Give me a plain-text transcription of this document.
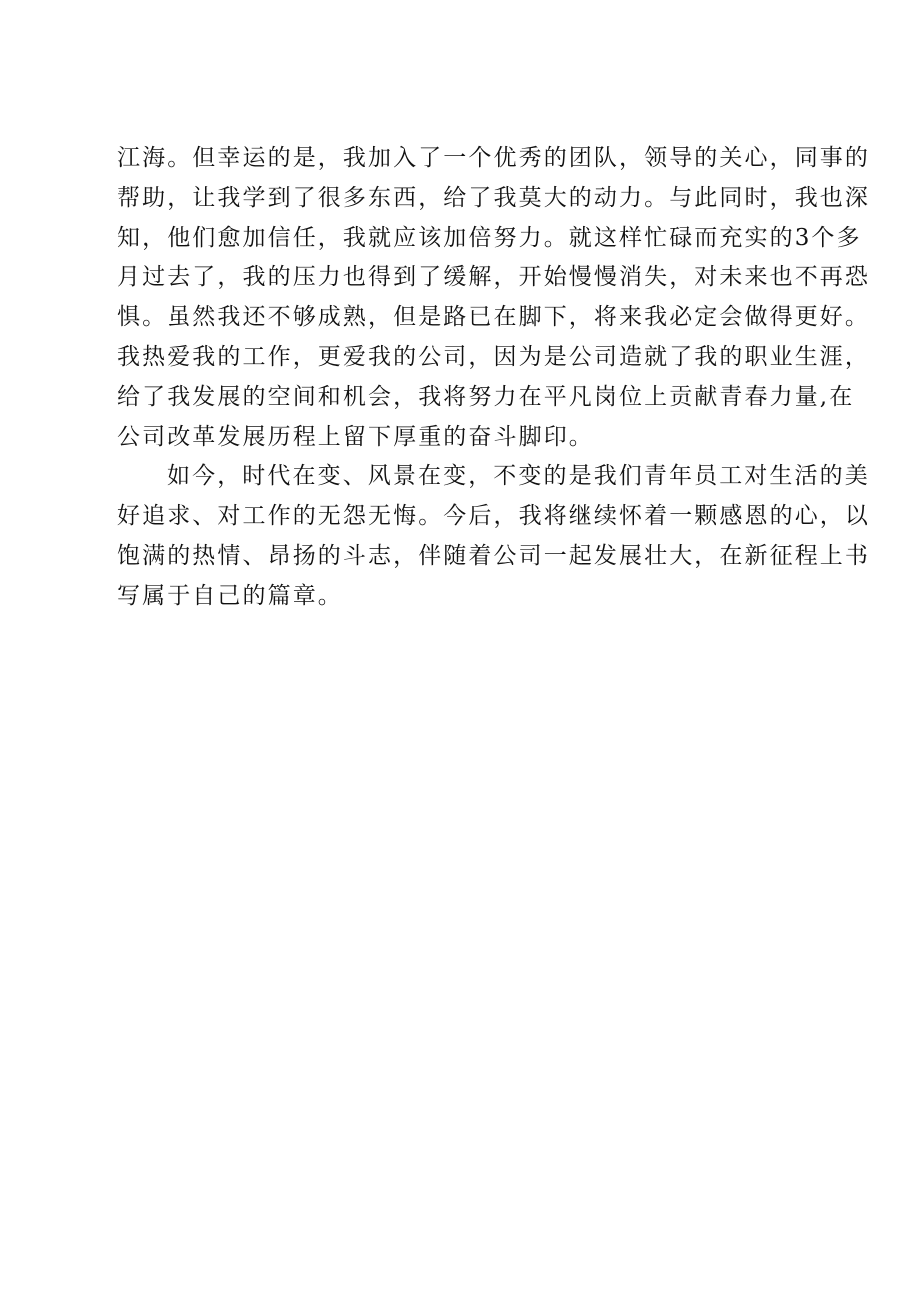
江海。但幸运的是，我加入了一个优秀的团队，领导的关心，同事的
帮助，让我学到了很多东西，给了我莫大的动力。与此同时，我也深
知，他们愈加信任，我就应该加倍努力。就这样忙碌而充实的3个多
月过去了，我的压力也得到了缓解，开始慢慢消失，对未来也不再恐
惧。虽然我还不够成熟，但是路已在脚下，将来我必定会做得更好。
我热爱我的工作，更爱我的公司，因为是公司造就了我的职业生涯，
给了我发展的空间和机会，我将努力在平凡岗位上贡献青春力量,在
公司改革发展历程上留下厚重的奋斗脚印。
如今，时代在变、风景在变，不变的是我们青年员工对生活的美
好追求、对工作的无怨无悔。今后，我将继续怀着一颗感恩的心，以
饱满的热情、昂扬的斗志，伴随着公司一起发展壮大，在新征程上书
写属于自己的篇章。
